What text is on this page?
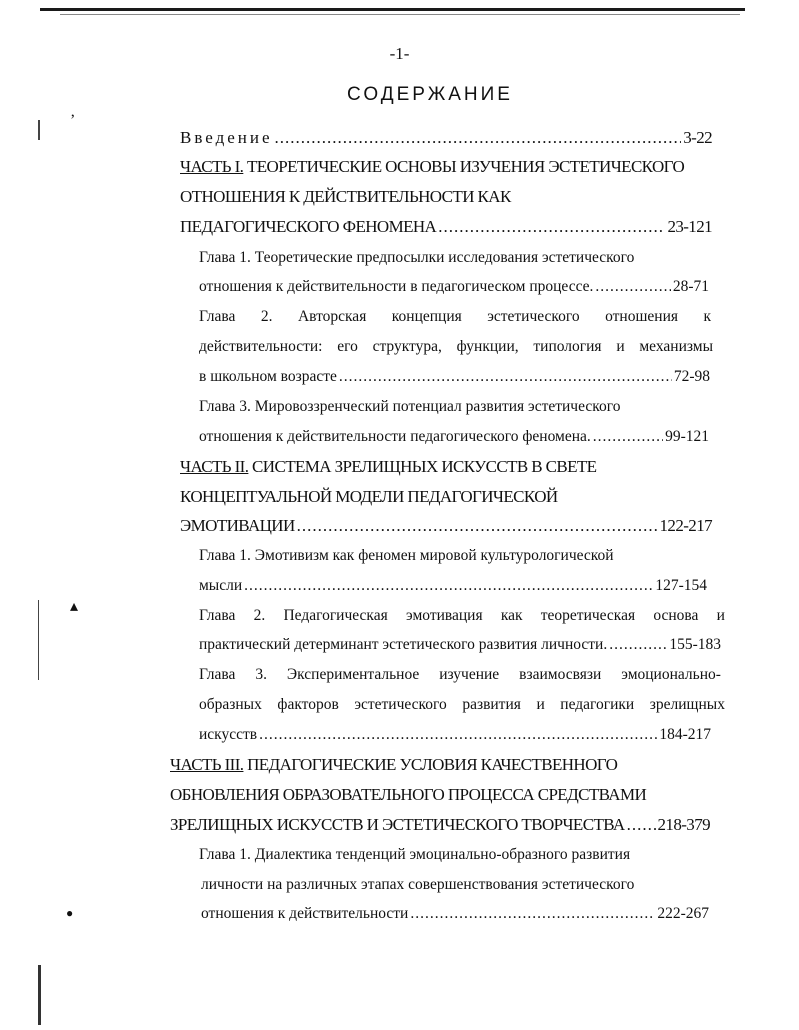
ʼ
▴
●
-1-
СОДЕРЖАНИЕ
Введение .....	3-22
ЧАСТЬ I.
ТЕОРЕТИЧЕСКИЕ ОСНОВЫ ИЗУЧЕНИЯ ЭСТЕТИЧЕСКОГО
ОТНОШЕНИЯ К ДЕЙСТВИТЕЛЬНОСТИ КАК
ПЕДАГОГИЧЕСКОГО ФЕНОМЕНА .....	23-121
Глава 1. Теоретические предпосылки исследования эстетического
отношения к действительности в педагогическом процессе. .....	28-71
Глава 2. Авторская концепция эстетического отношения к
действительности: его структура, функции, типология и механизмы
в школьном возрасте .....	72-98
Глава 3. Мировоззренческий потенциал развития эстетического
отношения к действительности педагогического феномена. .....	99-121
ЧАСТЬ II.
СИСТЕМА ЗРЕЛИЩНЫХ ИСКУССТВ В СВЕТЕ
КОНЦЕПТУАЛЬНОЙ МОДЕЛИ ПЕДАГОГИЧЕСКОЙ
ЭМОТИВАЦИИ .....	122-217
Глава 1. Эмотивизм как феномен мировой культурологической
мысли .....	127-154
Глава 2. Педагогическая эмотивация как теоретическая основа и
практический детерминант эстетического развития личности. .....	155-183
Глава 3. Экспериментальное изучение взаимосвязи эмоционально-
образных факторов эстетического развития и педагогики зрелищных
искусств .....	184-217
ЧАСТЬ III.
ПЕДАГОГИЧЕСКИЕ УСЛОВИЯ КАЧЕСТВЕННОГО
ОБНОВЛЕНИЯ ОБРАЗОВАТЕЛЬНОГО ПРОЦЕССА СРЕДСТВАМИ
ЗРЕЛИЩНЫХ ИСКУССТВ И ЭСТЕТИЧЕСКОГО ТВОРЧЕСТВА ..... 218-379
Глава 1. Диалектика тенденций эмоцинально-образного развития
личности на различных этапах совершенствования эстетического
отношения к действительности .....	222-267
